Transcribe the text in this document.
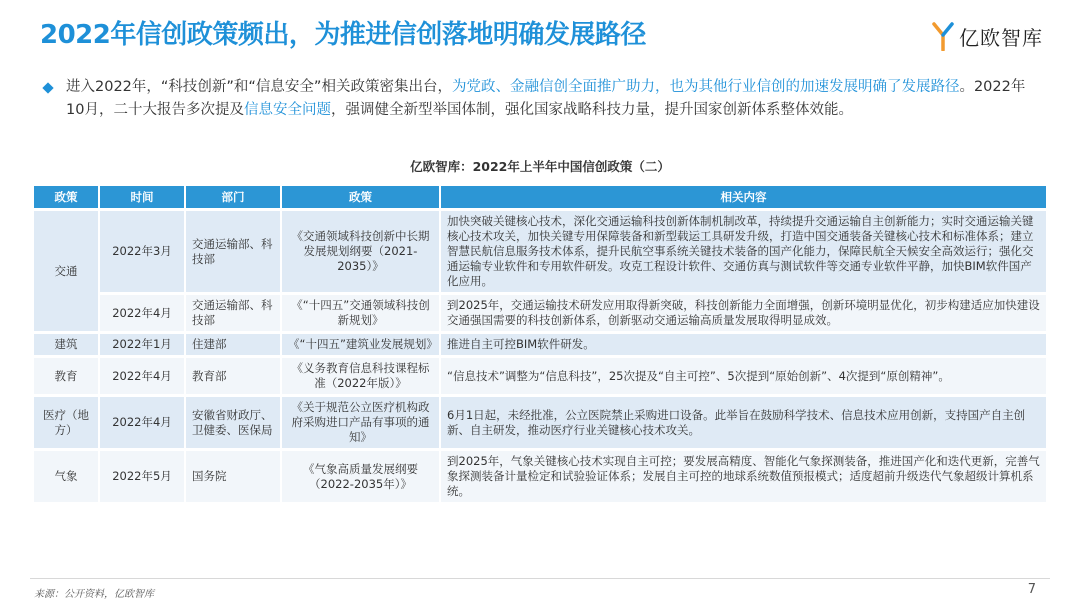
2022年信创政策频出，为推进信创落地明确发展路径	亿欧智库
进入2022年，“科技创新”和“信息安全”相关政策密集出台，为党政、金融信创全面推广助力，也为其他行业信创的加速发展明确了发展路径。2022年10月，二十大报告多次提及信息安全问题，强调健全新型举国体制，强化国家战略科技力量，提升国家创新体系整体效能。
亿欧智库：2022年上半年中国信创政策（二）
政策	时间	部门	政策	相关内容
交通	2022年3月	交通运输部、科技部	《交通领域科技创新中长期发展规划纲要（2021-2035）》	加快突破关键核心技术，深化交通运输科技创新体制机制改革，持续提升交通运输自主创新能力；实时交通运输关键核心技术攻关，加快关键专用保障装备和新型载运工具研发升级，打造中国交通装备关键核心技术和标准体系；建立智慧民航信息服务技术体系，提升民航空事系统关键技术装备的国产化能力，保障民航全天候安全高效运行；强化交通运输专业软件和专用软件研发。攻克工程设计软件、交通仿真与测试软件等交通专业软件平静，加快BIM软件国产化应用。
	2022年4月	交通运输部、科技部	《“十四五”交通领域科技创新规划》	到2025年，交通运输技术研发应用取得新突破，科技创新能力全面增强，创新环境明显优化，初步构建适应加快建设交通强国需要的科技创新体系，创新驱动交通运输高质量发展取得明显成效。
建筑	2022年1月	住建部	《“十四五”建筑业发展规划》	推进自主可控BIM软件研发。
教育	2022年4月	教育部	《义务教育信息科技课程标准（2022年版）》	“信息技术”调整为“信息科技”，25次提及“自主可控”、5次提到“原始创新”、4次提到“原创精神”。
医疗（地方）	2022年4月	安徽省财政厅、卫健委、医保局	《关于规范公立医疗机构政府采购进口产品有事项的通知》	6月1日起，未经批准，公立医院禁止采购进口设备。此举旨在鼓励科学技术、信息技术应用创新，支持国产自主创新、自主研发，推动医疗行业关键核心技术攻关。
气象	2022年5月	国务院	《气象高质量发展纲要（2022-2035年）》	到2025年，气象关键核心技术实现自主可控；要发展高精度、智能化气象探测装备，推进国产化和迭代更新，完善气象探测装备计量检定和试验验证体系；发展自主可控的地球系统数值预报模式；适度超前升级迭代气象超级计算机系统。
来源：公开资料，亿欧智库	7
